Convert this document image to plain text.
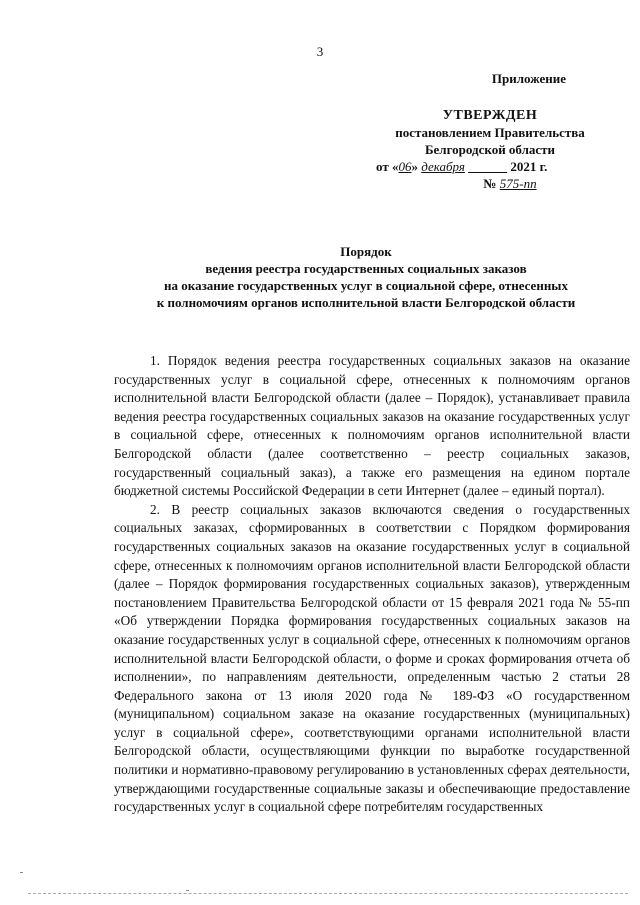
3
Приложение
УТВЕРЖДЕН
постановлением Правительства
Белгородской области
от «06» декабря	2021 г.
№ 575-пп
Порядок
ведения реестра государственных социальных заказов
на оказание государственных услуг в социальной сфере, отнесенных
к полномочиям органов исполнительной власти Белгородской области

1. Порядок ведения реестра государственных социальных заказов на оказание государственных услуг в социальной сфере, отнесенных к полномочиям органов исполнительной власти Белгородской области (далее – Порядок), устанавливает правила ведения реестра государственных социальных заказов на оказание государственных услуг в социальной сфере, отнесенных к полномочиям органов исполнительной власти Белгородской области (далее соответственно – реестр социальных заказов, государственный социальный заказ), а также его размещения на едином портале бюджетной системы Российской Федерации в сети Интернет (далее – единый портал).

2. В реестр социальных заказов включаются сведения о государственных социальных заказах, сформированных в соответствии с Порядком формирования государственных социальных заказов на оказание государственных услуг в социальной сфере, отнесенных к полномочиям органов исполнительной власти Белгородской области (далее – Порядок формирования государственных социальных заказов), утвержденным постановлением Правительства Белгородской области от 15 февраля 2021 года № 55-пп «Об утверждении Порядка формирования государственных социальных заказов на оказание государственных услуг в социальной сфере, отнесенных к полномочиям органов исполнительной власти Белгородской области, о форме и сроках формирования отчета об исполнении», по направлениям деятельности, определенным частью 2 статьи 28 Федерального закона от 13 июля 2020 года № 189-ФЗ «О государственном (муниципальном) социальном заказе на оказание государственных (муниципальных) услуг в социальной сфере», соответствующими органами исполнительной власти Белгородской области, осуществляющими функции по выработке государственной политики и нормативно-правовому регулированию в установленных сферах деятельности, утверждающими государственные социальные заказы и обеспечивающие предоставление государственных услуг в социальной сфере потребителям государственных
